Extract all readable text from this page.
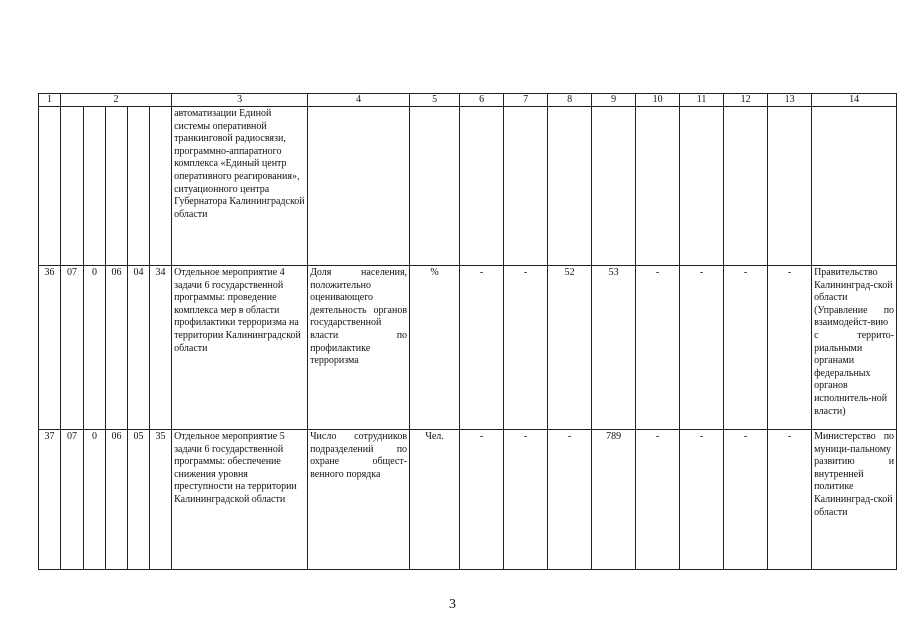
1	2					3	4	5	6	7	8	9	10	11	12	13	14
						автоматизации Единой системы оперативной транкинговой радиосвязи, программно-аппаратного комплекса «Единый центр оперативного реагирования», ситуационного центра Губернатора Калининградской области											
36	07	0	06	04	34	Отдельное мероприятие 4 задачи 6 государственной программы: проведение комплекса мер в области профилактики терроризма на территории Калининградской области	Доля населения, положительно оценивающего деятельность органов государственной власти по профилактике терроризма	%	-	-	52	53	-	-	-	-	Правительство Калининград-ской области (Управление по взаимодейст-вию с террито-риальными органами федеральных органов исполнитель-ной власти)
37	07	0	06	05	35	Отдельное мероприятие 5 задачи 6 государственной программы: обеспечение снижения уровня преступности на территории Калининградской области	Число сотрудников подразделений по охране общест-венного порядка	Чел.	-	-	-	789	-	-	-	-	Министерство по муници-пальному развитию и внутренней политике Калининград-ской области
3
